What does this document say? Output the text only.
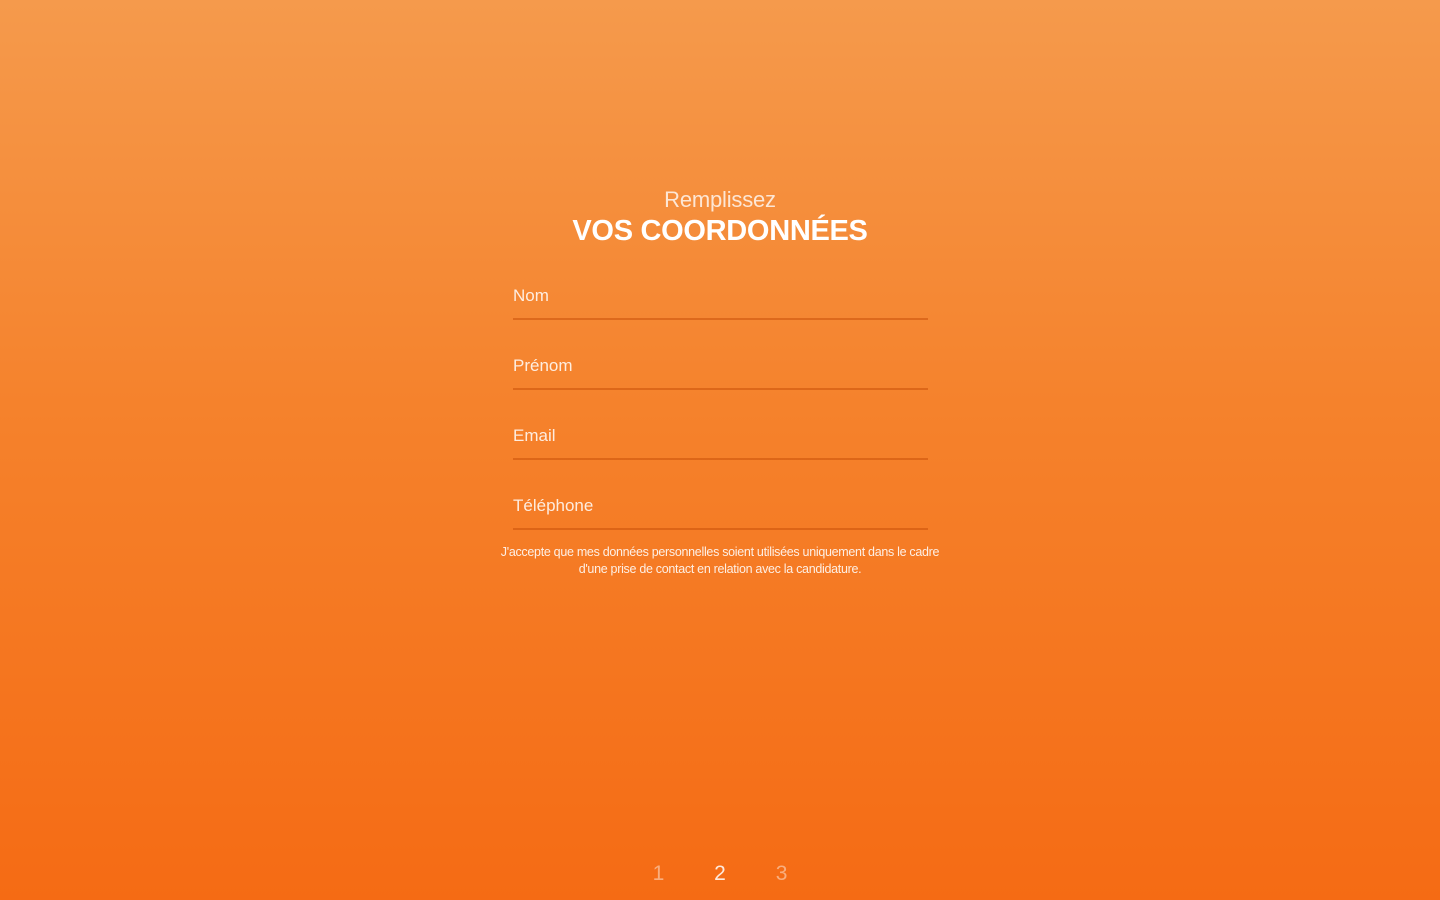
Remplissez
VOS COORDONNÉES
Nom
Prénom
Email
Téléphone
J'accepte que mes données personnelles soient utilisées uniquement dans le cadre d'une prise de contact en relation avec la candidature.
1 2 3
